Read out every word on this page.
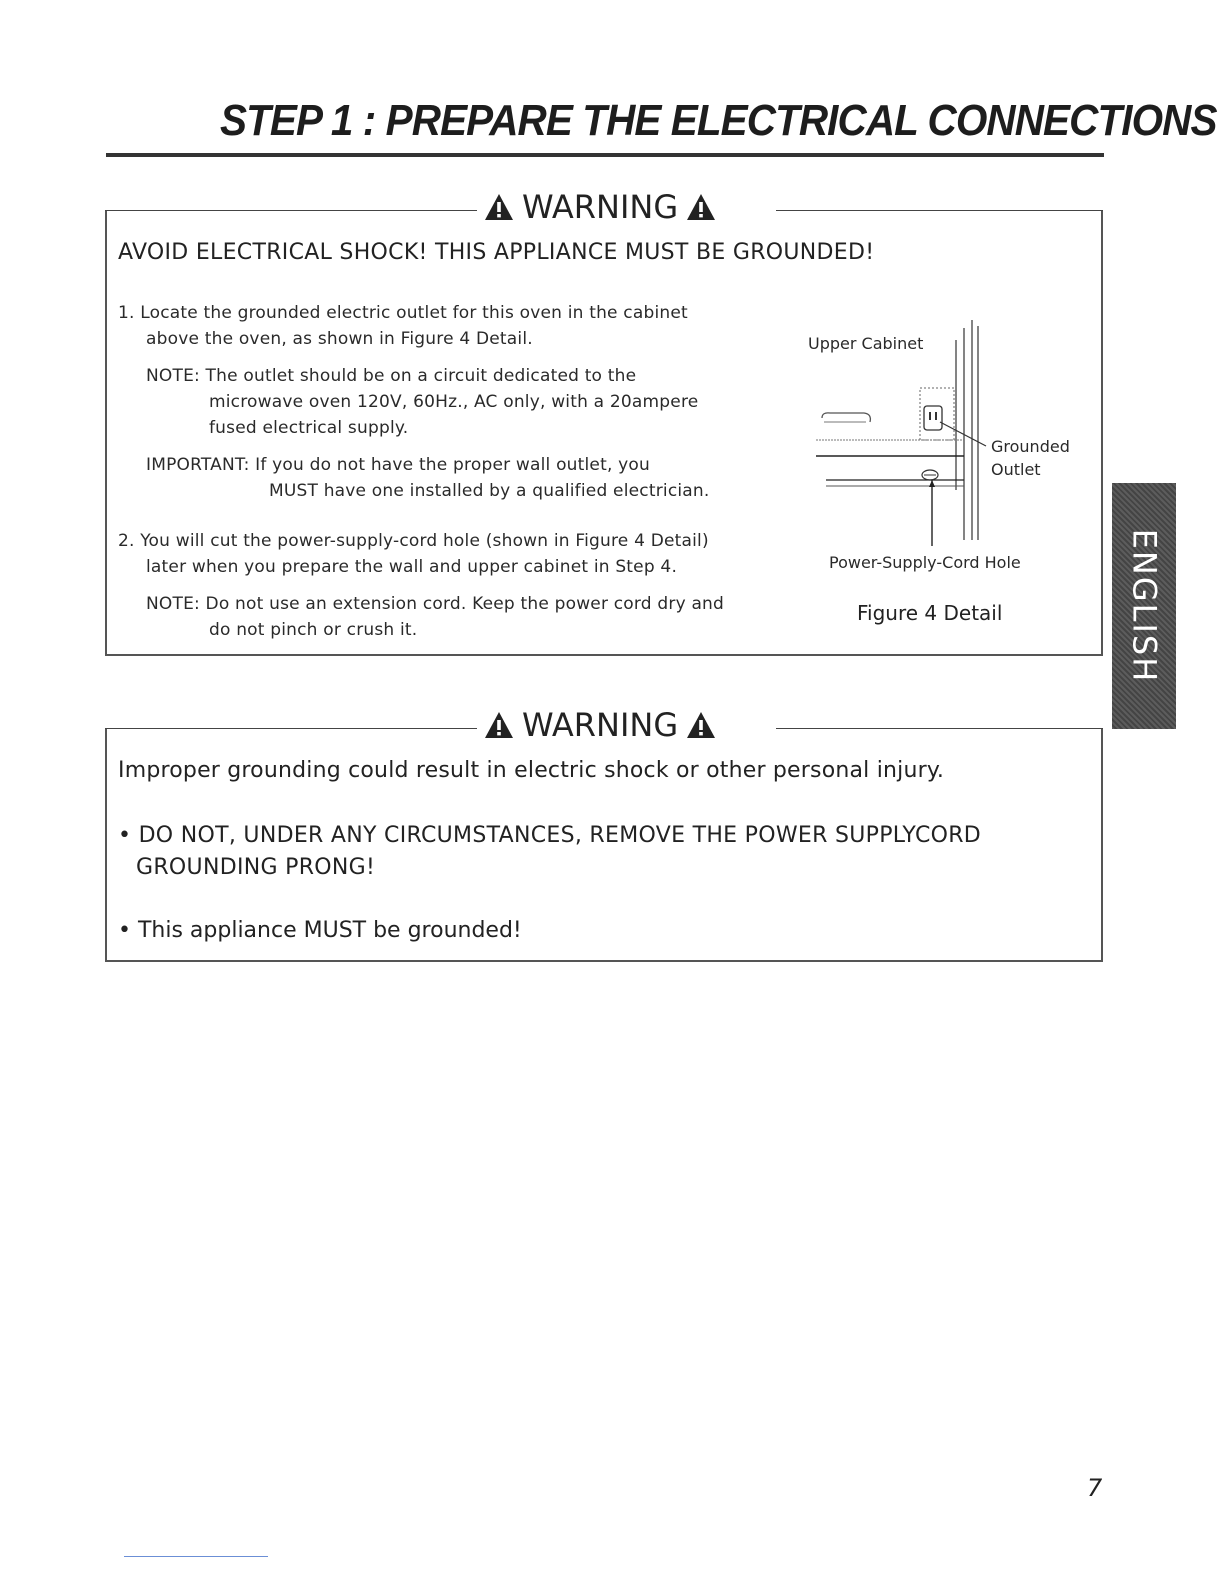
STEP 1 : PREPARE THE ELECTRICAL CONNECTIONS
WARNING
AVOID ELECTRICAL SHOCK! THIS APPLIANCE MUST BE GROUNDED!
1. Locate the grounded electric outlet for this oven in the cabinet
above the oven, as shown in Figure 4 Detail.
NOTE: The outlet should be on a circuit dedicated to the
microwave oven 120V, 60Hz., AC only, with a 20ampere
fused electrical supply.
IMPORTANT: If you do not have the proper wall outlet, you
MUST have one installed by a qualified electrician.
2. You will cut the power-supply-cord hole (shown in Figure 4 Detail)
later when you prepare the wall and upper cabinet in Step 4.
NOTE: Do not use an extension cord. Keep the power cord dry and
do not pinch or crush it.
Upper Cabinet
Grounded
Outlet
Power-Supply-Cord Hole
Figure 4 Detail
WARNING
Improper grounding could result in electric shock or other personal injury.
• DO NOT, UNDER ANY CIRCUMSTANCES, REMOVE THE POWER SUPPLYCORD
GROUNDING PRONG!
• This appliance MUST be grounded!
ENGLISH
7
